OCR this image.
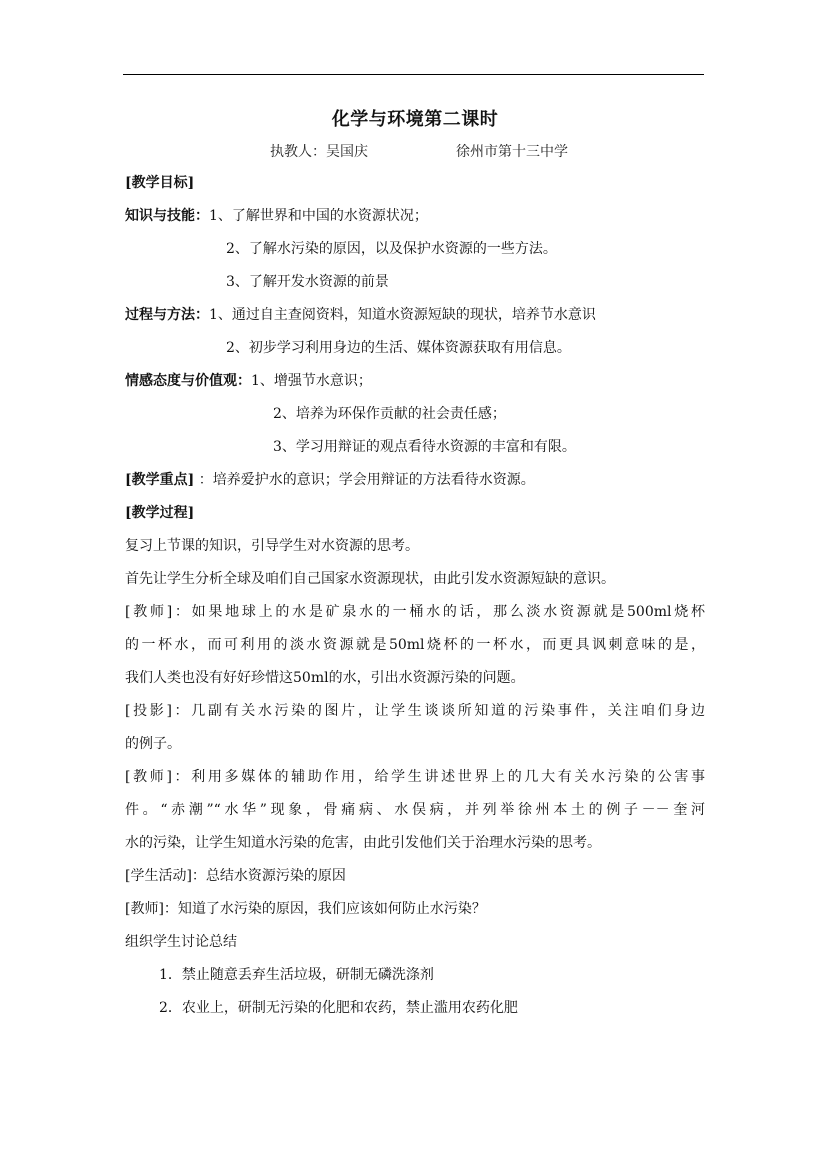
化学与环境第二课时
执教人：吴国庆	徐州市第十三中学
[教学目标]
知识与技能：1、了解世界和中国的水资源状况；
2、了解水污染的原因，以及保护水资源的一些方法。
3、了解开发水资源的前景
过程与方法：1、通过自主查阅资料，知道水资源短缺的现状，培养节水意识
2、初步学习利用身边的生活、媒体资源获取有用信息。
情感态度与价值观：1、增强节水意识；
2、培养为环保作贡献的社会责任感；
3、学习用辩证的观点看待水资源的丰富和有限。
[教学重点] ：培养爱护水的意识；学会用辩证的方法看待水资源。
[教学过程]
复习上节课的知识，引导学生对水资源的思考。
首先让学生分析全球及咱们自己国家水资源现状，由此引发水资源短缺的意识。
[教师]：如果地球上的水是矿泉水的一桶水的话，那么淡水资源就是500ml烧杯
的一杯水，而可利用的淡水资源就是50ml烧杯的一杯水，而更具讽刺意味的是，
我们人类也没有好好珍惜这50ml的水，引出水资源污染的问题。
[投影]：几副有关水污染的图片，让学生谈谈所知道的污染事件，关注咱们身边
的例子。
[教师]：利用多媒体的辅助作用，给学生讲述世界上的几大有关水污染的公害事
件。“赤潮”“水华”现象，骨痛病、水俣病，并列举徐州本土的例子－－奎河
水的污染，让学生知道水污染的危害，由此引发他们关于治理水污染的思考。
[学生活动]：总结水资源污染的原因
[教师]：知道了水污染的原因，我们应该如何防止水污染？
组织学生讨论总结
1．禁止随意丢弃生活垃圾，研制无磷洗涤剂
2．农业上，研制无污染的化肥和农药，禁止滥用农药化肥
